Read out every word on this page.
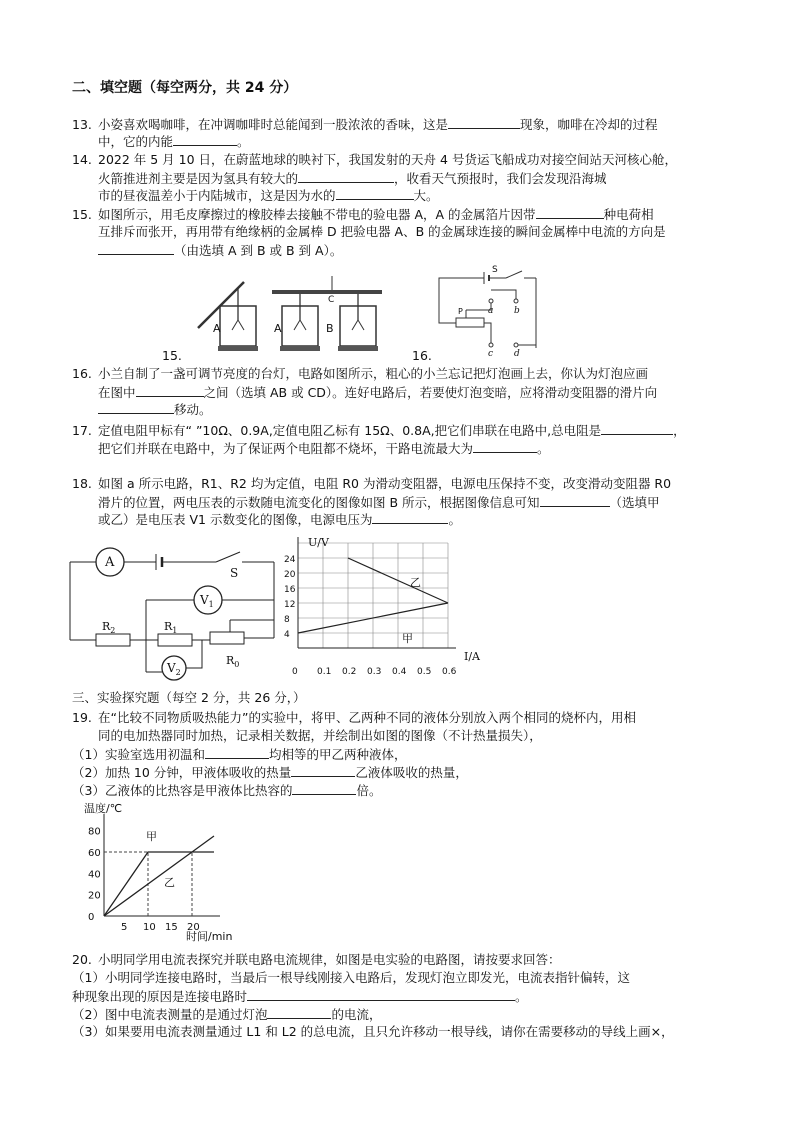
二、填空题（每空两分，共 24 分）
13. 小姿喜欢喝咖啡，在冲调咖啡时总能闻到一股浓浓的香味，这是	现象，咖啡在冷却的过程
中，它的内能	。
14. 2022 年 5 月 10 日，在蔚蓝地球的映衬下，我国发射的天舟 4 号货运飞船成功对接空间站天河核心舱，
火箭推进剂主要是因为氢具有较大的	，收看天气预报时，我们会发现沿海城
市的昼夜温差小于内陆城市，这是因为水的	大。
15. 如图所示，用毛皮摩擦过的橡胶棒去接触不带电的验电器 A，A 的金属箔片因带	种电荷相
互排斥而张开，再用带有绝缘柄的金属棒 D 把验电器 A、B 的金属球连接的瞬间金属棒中电流的方向是
（由选填 A 到 B 或 B 到 A）。
A
C
A	B
15.
S
P	a b
c d
16.
16. 小兰自制了一盏可调节亮度的台灯，电路如图所示，粗心的小兰忘记把灯泡画上去，你认为灯泡应画
在图中	之间（选填 AB 或 CD）。连好电路后，若要使灯泡变暗，应将滑动变阻器的滑片向
移动。
17. 定值电阻甲标有“ ”10Ω、0.9A,定值电阻乙标有 15Ω、0.8A,把它们串联在电路中,总电阻是	，
把它们并联在电路中，为了保证两个电阻都不烧坏，干路电流最大为	。
18. 如图 a 所示电路，R1、R2 均为定值，电阻 R0 为滑动变阻器，电源电压保持不变，改变滑动变阻器 R0
滑片的位置，两电压表的示数随电流变化的图像如图 B 所示，根据图像信息可知	（选填甲
或乙）是电压表 V1 示数变化的图像，电源电压为	。
A
S
$R_2$
$V_1$
$R_1$
$R_0$
$V_2$
24
20
16
12
8
4
0 0.1 0.2 0.3 0.4 0.5 0.6
U/V
I/A
乙
甲
三、实验探究题（每空 2 分，共 26 分，）
19. 在“比较不同物质吸热能力”的实验中，将甲、乙两种不同的液体分别放入两个相同的烧杯内，用相
同的电加热器同时加热，记录相关数据，并绘制出如图的图像（不计热量损失），
（1）实验室选用初温和	均相等的甲乙两种液体，
（2）加热 10 分钟，甲液体吸收的热量	乙液体吸收的热量，
（3）乙液体的比热容是甲液体比热容的	倍。
80
60
40
20
0
5 10 15 20
温度/℃
时间/min
甲
乙
20. 小明同学用电流表探究并联电路电流规律，如图是电实验的电路图，请按要求回答：
（1）小明同学连接电路时，当最后一根导线刚接入电路后，发现灯泡立即发光，电流表指针偏转，这
种现象出现的原因是连接电路时	。
（2）图中电流表测量的是通过灯泡	的电流，
（3）如果要用电流表测量通过 L1 和 L2 的总电流，且只允许移动一根导线，请你在需要移动的导线上画×，
